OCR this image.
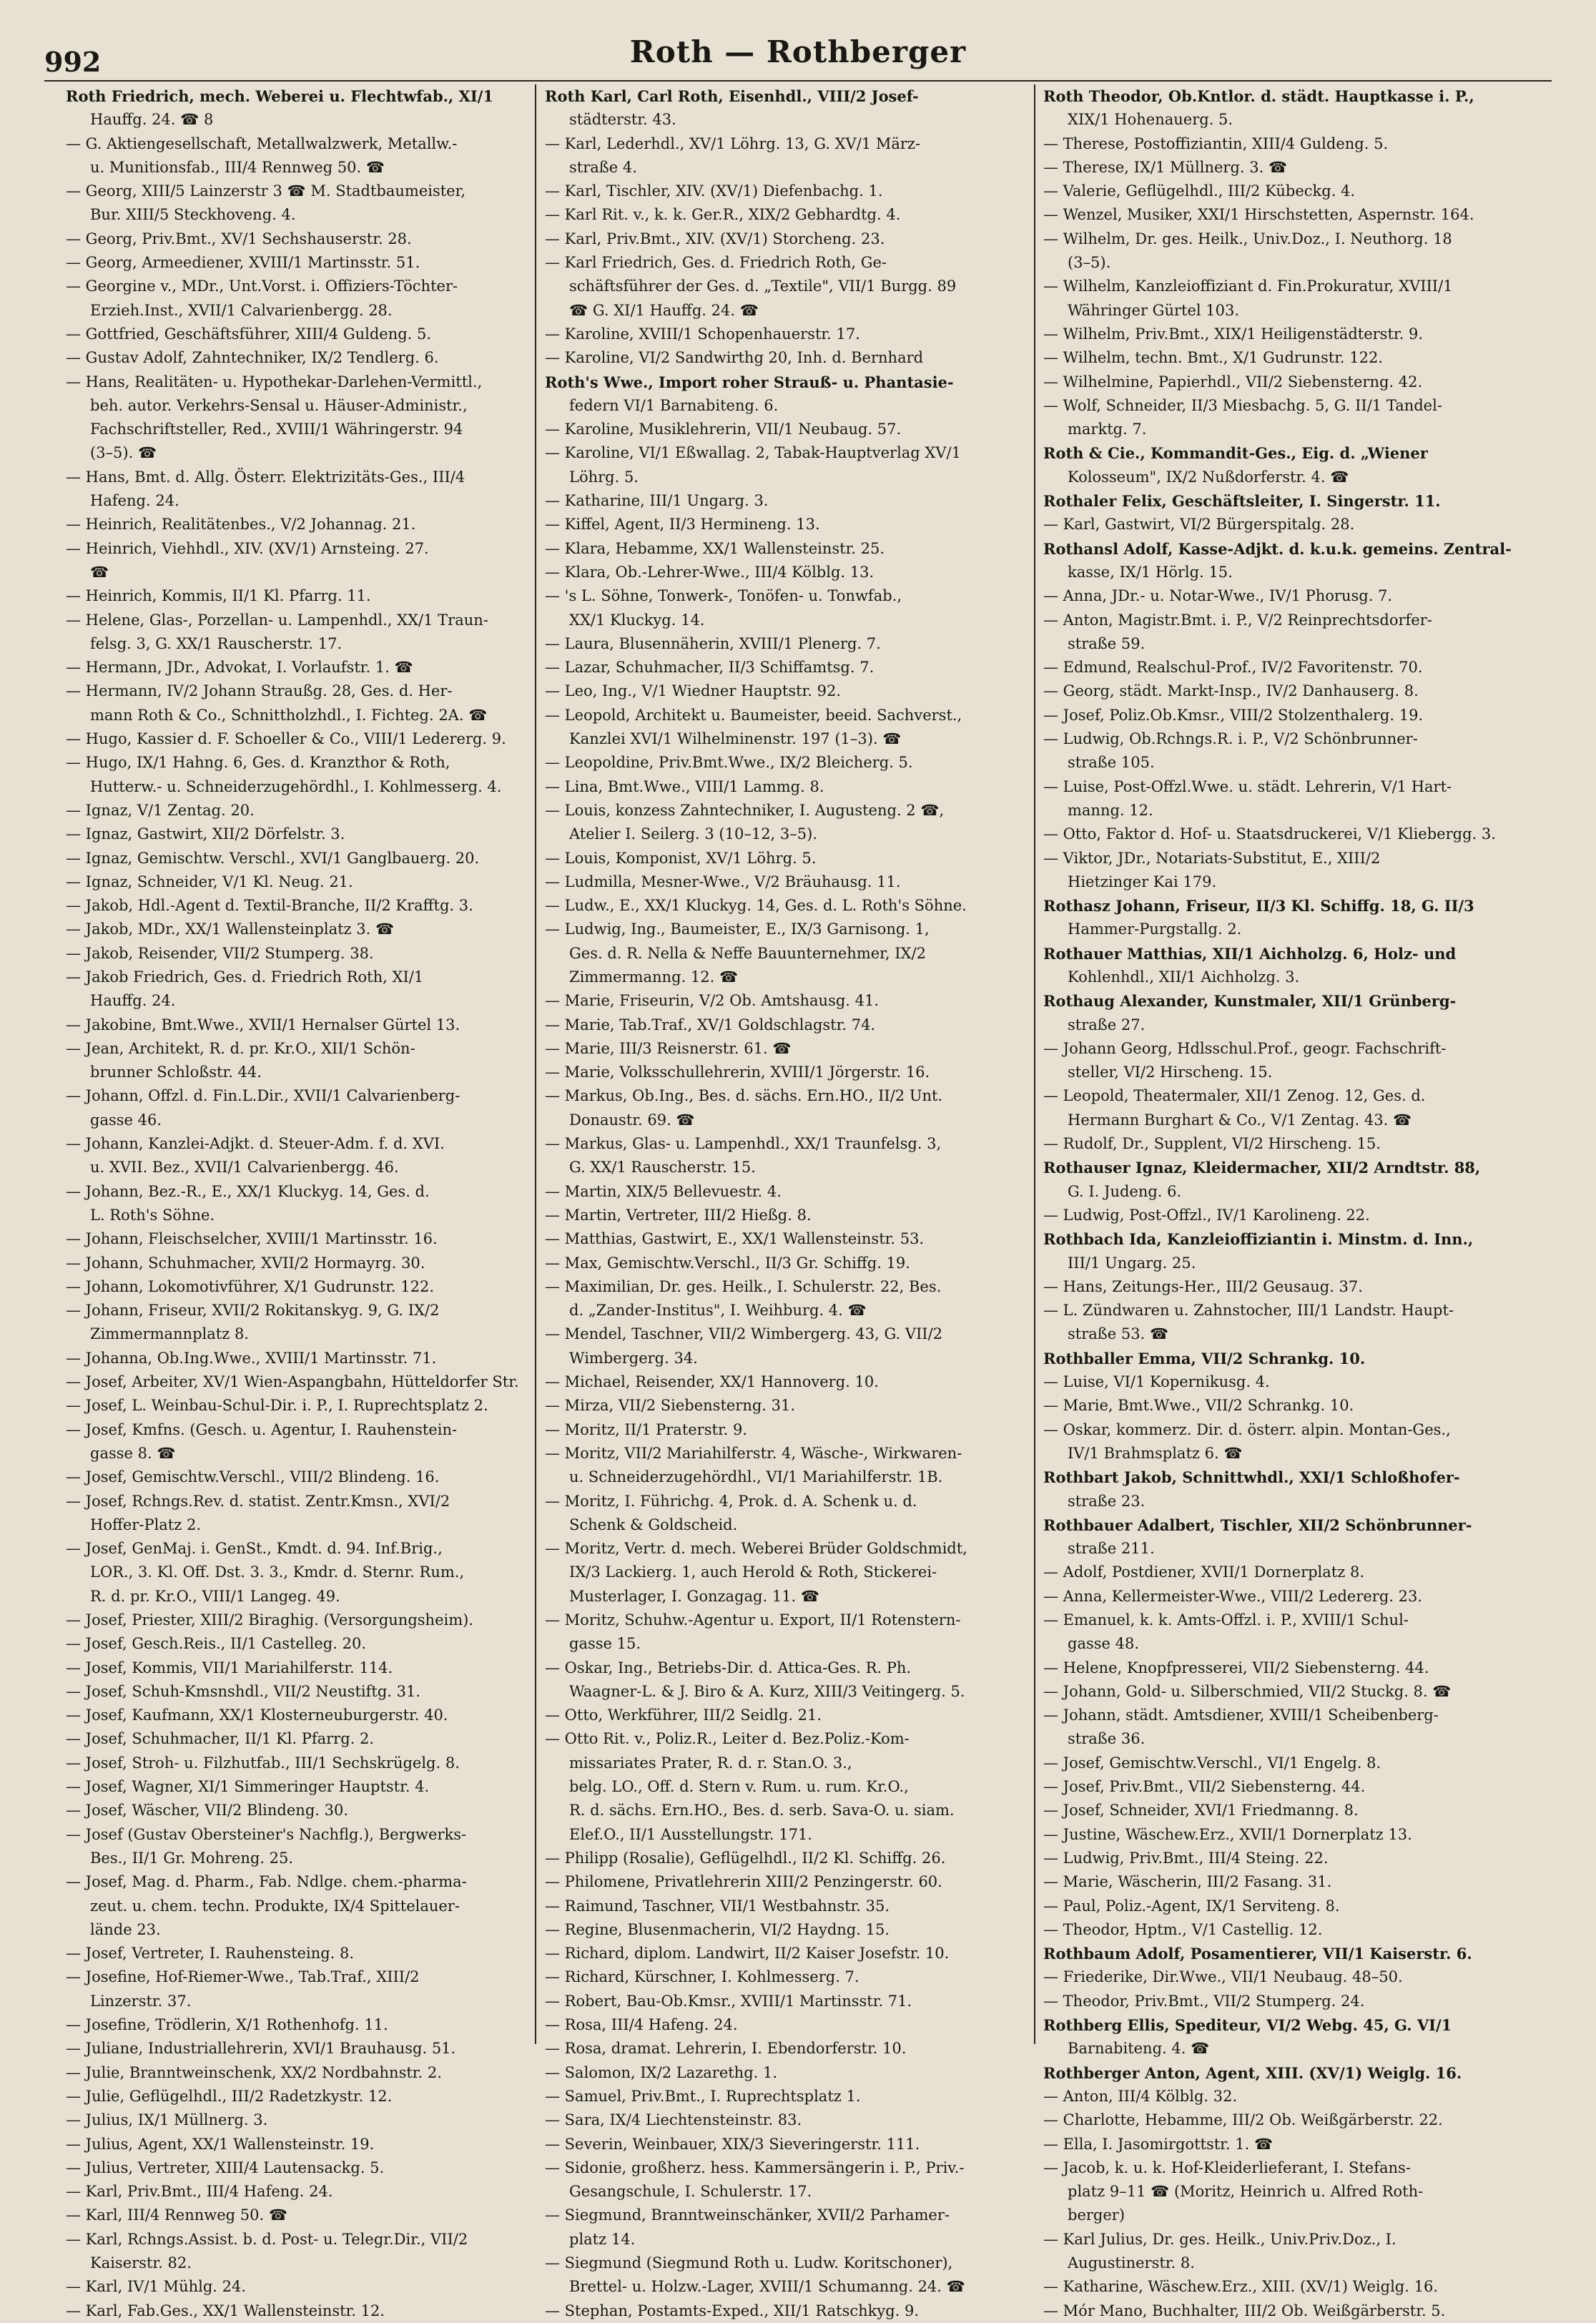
992	Roth — Rothberger
Roth Friedrich, mech. Weberei u. Flechtwfab., XI/1
Hauffg. 24. ☎ 8
— G. Aktiengesellschaft, Metallwalzwerk, Metallw.-
u. Munitionsfab., III/4 Rennweg 50. ☎
— Georg, XIII/5 Lainzerstr 3 ☎ M. Stadtbaumeister,
Bur. XIII/5 Steckhoveng. 4.
— Georg, Priv.Bmt., XV/1 Sechshauserstr. 28.
— Georg, Armeediener, XVIII/1 Martinsstr. 51.
— Georgine v., MDr., Unt.Vorst. i. Offiziers-Töchter-
Erzieh.Inst., XVII/1 Calvarienbergg. 28.
— Gottfried, Geschäftsführer, XIII/4 Guldeng. 5.
— Gustav Adolf, Zahntechniker, IX/2 Tendlerg. 6.
— Hans, Realitäten- u. Hypothekar-Darlehen-Vermittl.,
beh. autor. Verkehrs-Sensal u. Häuser-Administr.,
Fachschriftsteller, Red., XVIII/1 Währingerstr. 94
(3–5). ☎
— Hans, Bmt. d. Allg. Österr. Elektrizitäts-Ges., III/4
Hafeng. 24.
— Heinrich, Realitätenbes., V/2 Johannag. 21.
— Heinrich, Viehhdl., XIV. (XV/1) Arnsteing. 27.
☎
— Heinrich, Kommis, II/1 Kl. Pfarrg. 11.
— Helene, Glas-, Porzellan- u. Lampenhdl., XX/1 Traun-
felsg. 3, G. XX/1 Rauscherstr. 17.
— Hermann, JDr., Advokat, I. Vorlaufstr. 1. ☎
— Hermann, IV/2 Johann Straußg. 28, Ges. d. Her-
mann Roth & Co., Schnittholzhdl., I. Fichteg. 2A. ☎
— Hugo, Kassier d. F. Schoeller & Co., VIII/1 Ledererg. 9.
— Hugo, IX/1 Hahng. 6, Ges. d. Kranzthor & Roth,
Hutterw.- u. Schneiderzugehördhl., I. Kohlmesserg. 4.
— Ignaz, V/1 Zentag. 20.
— Ignaz, Gastwirt, XII/2 Dörfelstr. 3.
— Ignaz, Gemischtw. Verschl., XVI/1 Ganglbauerg. 20.
— Ignaz, Schneider, V/1 Kl. Neug. 21.
— Jakob, Hdl.-Agent d. Textil-Branche, II/2 Krafftg. 3.
— Jakob, MDr., XX/1 Wallensteinplatz 3. ☎
— Jakob, Reisender, VII/2 Stumperg. 38.
— Jakob Friedrich, Ges. d. Friedrich Roth, XI/1
Hauffg. 24.
— Jakobine, Bmt.Wwe., XVII/1 Hernalser Gürtel 13.
— Jean, Architekt, R. d. pr. Kr.O., XII/1 Schön-
brunner Schloßstr. 44.
— Johann, Offzl. d. Fin.L.Dir., XVII/1 Calvarienberg-
gasse 46.
— Johann, Kanzlei-Adjkt. d. Steuer-Adm. f. d. XVI.
u. XVII. Bez., XVII/1 Calvarienbergg. 46.
— Johann, Bez.-R., E., XX/1 Kluckyg. 14, Ges. d.
L. Roth's Söhne.
— Johann, Fleischselcher, XVIII/1 Martinsstr. 16.
— Johann, Schuhmacher, XVII/2 Hormayrg. 30.
— Johann, Lokomotivführer, X/1 Gudrunstr. 122.
— Johann, Friseur, XVII/2 Rokitanskyg. 9, G. IX/2
Zimmermannplatz 8.
— Johanna, Ob.Ing.Wwe., XVIII/1 Martinsstr. 71.
— Josef, Arbeiter, XV/1 Wien-Aspangbahn, Hütteldorfer Str.
— Josef, L. Weinbau-Schul-Dir. i. P., I. Ruprechtsplatz 2.
— Josef, Kmfns. (Gesch. u. Agentur, I. Rauhenstein-
gasse 8. ☎
— Josef, Gemischtw.Verschl., VIII/2 Blindeng. 16.
— Josef, Rchngs.Rev. d. statist. Zentr.Kmsn., XVI/2
Hoffer-Platz 2.
— Josef, GenMaj. i. GenSt., Kmdt. d. 94. Inf.Brig.,
LOR., 3. Kl. Off. Dst. 3. 3., Kmdr. d. Sternr. Rum.,
R. d. pr. Kr.O., VIII/1 Langeg. 49.
— Josef, Priester, XIII/2 Biraghig. (Versorgungsheim).
— Josef, Gesch.Reis., II/1 Castelleg. 20.
— Josef, Kommis, VII/1 Mariahilferstr. 114.
— Josef, Schuh-Kmsnshdl., VII/2 Neustiftg. 31.
— Josef, Kaufmann, XX/1 Klosterneuburgerstr. 40.
— Josef, Schuhmacher, II/1 Kl. Pfarrg. 2.
— Josef, Stroh- u. Filzhutfab., III/1 Sechskrügelg. 8.
— Josef, Wagner, XI/1 Simmeringer Hauptstr. 4.
— Josef, Wäscher, VII/2 Blindeng. 30.
— Josef (Gustav Obersteiner's Nachflg.), Bergwerks-
Bes., II/1 Gr. Mohreng. 25.
— Josef, Mag. d. Pharm., Fab. Ndlge. chem.-pharma-
zeut. u. chem. techn. Produkte, IX/4 Spittelauer-
lände 23.
— Josef, Vertreter, I. Rauhensteing. 8.
— Josefine, Hof-Riemer-Wwe., Tab.Traf., XIII/2
Linzerstr. 37.
— Josefine, Trödlerin, X/1 Rothenhofg. 11.
— Juliane, Industriallehrerin, XVI/1 Brauhausg. 51.
— Julie, Branntweinschenk, XX/2 Nordbahnstr. 2.
— Julie, Geflügelhdl., III/2 Radetzkystr. 12.
— Julius, IX/1 Müllnerg. 3.
— Julius, Agent, XX/1 Wallensteinstr. 19.
— Julius, Vertreter, XIII/4 Lautensackg. 5.
— Karl, Priv.Bmt., III/4 Hafeng. 24.
— Karl, III/4 Rennweg 50. ☎
— Karl, Rchngs.Assist. b. d. Post- u. Telegr.Dir., VII/2
Kaiserstr. 82.
— Karl, IV/1 Mühlg. 24.
— Karl, Fab.Ges., XX/1 Wallensteinstr. 12.
Roth Karl, Carl Roth, Eisenhdl., VIII/2 Josef-
städterstr. 43.
— Karl, Lederhdl., XV/1 Löhrg. 13, G. XV/1 März-
straße 4.
— Karl, Tischler, XIV. (XV/1) Diefenbachg. 1.
— Karl Rit. v., k. k. Ger.R., XIX/2 Gebhardtg. 4.
— Karl, Priv.Bmt., XIV. (XV/1) Storcheng. 23.
— Karl Friedrich, Ges. d. Friedrich Roth, Ge-
schäftsführer der Ges. d. „Textile", VII/1 Burgg. 89
☎ G. XI/1 Hauffg. 24. ☎
— Karoline, XVIII/1 Schopenhauerstr. 17.
— Karoline, VI/2 Sandwirthg 20, Inh. d. Bernhard
Roth's Wwe., Import roher Strauß- u. Phantasie-
federn VI/1 Barnabiteng. 6.
— Karoline, Musiklehrerin, VII/1 Neubaug. 57.
— Karoline, VI/1 Eßwallag. 2, Tabak-Hauptverlag XV/1
Löhrg. 5.
— Katharine, III/1 Ungarg. 3.
— Kiffel, Agent, II/3 Hermineng. 13.
— Klara, Hebamme, XX/1 Wallensteinstr. 25.
— Klara, Ob.-Lehrer-Wwe., III/4 Kölblg. 13.
— 's L. Söhne, Tonwerk-, Tonöfen- u. Tonwfab.,
XX/1 Kluckyg. 14.
— Laura, Blusennäherin, XVIII/1 Plenerg. 7.
— Lazar, Schuhmacher, II/3 Schiffamtsg. 7.
— Leo, Ing., V/1 Wiedner Hauptstr. 92.
— Leopold, Architekt u. Baumeister, beeid. Sachverst.,
Kanzlei XVI/1 Wilhelminenstr. 197 (1–3). ☎
— Leopoldine, Priv.Bmt.Wwe., IX/2 Bleicherg. 5.
— Lina, Bmt.Wwe., VIII/1 Lammg. 8.
— Louis, konzess Zahntechniker, I. Augusteng. 2 ☎,
Atelier I. Seilerg. 3 (10–12, 3–5).
— Louis, Komponist, XV/1 Löhrg. 5.
— Ludmilla, Mesner-Wwe., V/2 Bräuhausg. 11.
— Ludw., E., XX/1 Kluckyg. 14, Ges. d. L. Roth's Söhne.
— Ludwig, Ing., Baumeister, E., IX/3 Garnisong. 1,
Ges. d. R. Nella & Neffe Bauunternehmer, IX/2
Zimmermanng. 12. ☎
— Marie, Friseurin, V/2 Ob. Amtshausg. 41.
— Marie, Tab.Traf., XV/1 Goldschlagstr. 74.
— Marie, III/3 Reisnerstr. 61. ☎
— Marie, Volksschullehrerin, XVIII/1 Jörgerstr. 16.
— Markus, Ob.Ing., Bes. d. sächs. Ern.HO., II/2 Unt.
Donaustr. 69. ☎
— Markus, Glas- u. Lampenhdl., XX/1 Traunfelsg. 3,
G. XX/1 Rauscherstr. 15.
— Martin, XIX/5 Bellevuestr. 4.
— Martin, Vertreter, III/2 Hießg. 8.
— Matthias, Gastwirt, E., XX/1 Wallensteinstr. 53.
— Max, Gemischtw.Verschl., II/3 Gr. Schiffg. 19.
— Maximilian, Dr. ges. Heilk., I. Schulerstr. 22, Bes.
d. „Zander-Institus", I. Weihburg. 4. ☎
— Mendel, Taschner, VII/2 Wimbergerg. 43, G. VII/2
Wimbergerg. 34.
— Michael, Reisender, XX/1 Hannoverg. 10.
— Mirza, VII/2 Siebensterng. 31.
— Moritz, II/1 Praterstr. 9.
— Moritz, VII/2 Mariahilferstr. 4, Wäsche-, Wirkwaren-
u. Schneiderzugehördhl., VI/1 Mariahilferstr. 1B.
— Moritz, I. Führichg. 4, Prok. d. A. Schenk u. d.
Schenk & Goldscheid.
— Moritz, Vertr. d. mech. Weberei Brüder Goldschmidt,
IX/3 Lackierg. 1, auch Herold & Roth, Stickerei-
Musterlager, I. Gonzagag. 11. ☎
— Moritz, Schuhw.-Agentur u. Export, II/1 Rotenstern-
gasse 15.
— Oskar, Ing., Betriebs-Dir. d. Attica-Ges. R. Ph.
Waagner-L. & J. Biro & A. Kurz, XIII/3 Veitingerg. 5.
— Otto, Werkführer, III/2 Seidlg. 21.
— Otto Rit. v., Poliz.R., Leiter d. Bez.Poliz.-Kom-
missariates Prater, R. d. r. Stan.O. 3.,
belg. LO., Off. d. Stern v. Rum. u. rum. Kr.O.,
R. d. sächs. Ern.HO., Bes. d. serb. Sava-O. u. siam.
Elef.O., II/1 Ausstellungstr. 171.
— Philipp (Rosalie), Geflügelhdl., II/2 Kl. Schiffg. 26.
— Philomene, Privatlehrerin XIII/2 Penzingerstr. 60.
— Raimund, Taschner, VII/1 Westbahnstr. 35.
— Regine, Blusenmacherin, VI/2 Haydng. 15.
— Richard, diplom. Landwirt, II/2 Kaiser Josefstr. 10.
— Richard, Kürschner, I. Kohlmesserg. 7.
— Robert, Bau-Ob.Kmsr., XVIII/1 Martinsstr. 71.
— Rosa, III/4 Hafeng. 24.
— Rosa, dramat. Lehrerin, I. Ebendorferstr. 10.
— Salomon, IX/2 Lazarethg. 1.
— Samuel, Priv.Bmt., I. Ruprechtsplatz 1.
— Sara, IX/4 Liechtensteinstr. 83.
— Severin, Weinbauer, XIX/3 Sieveringerstr. 111.
— Sidonie, großherz. hess. Kammersängerin i. P., Priv.-
Gesangschule, I. Schulerstr. 17.
— Siegmund, Branntweinschänker, XVII/2 Parhamer-
platz 14.
— Siegmund (Siegmund Roth u. Ludw. Koritschoner),
Brettel- u. Holzw.-Lager, XVIII/1 Schumanng. 24. ☎
— Stephan, Postamts-Exped., XII/1 Ratschkyg. 9.
Roth Theodor, Ob.Kntlor. d. städt. Hauptkasse i. P.,
XIX/1 Hohenauerg. 5.
— Therese, Postoffiziantin, XIII/4 Guldeng. 5.
— Therese, IX/1 Müllnerg. 3. ☎
— Valerie, Geflügelhdl., III/2 Kübeckg. 4.
— Wenzel, Musiker, XXI/1 Hirschstetten, Aspernstr. 164.
— Wilhelm, Dr. ges. Heilk., Univ.Doz., I. Neuthorg. 18
(3–5).
— Wilhelm, Kanzleioffiziant d. Fin.Prokuratur, XVIII/1
Währinger Gürtel 103.
— Wilhelm, Priv.Bmt., XIX/1 Heiligenstädterstr. 9.
— Wilhelm, techn. Bmt., X/1 Gudrunstr. 122.
— Wilhelmine, Papierhdl., VII/2 Siebensterng. 42.
— Wolf, Schneider, II/3 Miesbachg. 5, G. II/1 Tandel-
marktg. 7.
Roth & Cie., Kommandit-Ges., Eig. d. „Wiener
Kolosseum", IX/2 Nußdorferstr. 4. ☎
Rothaler Felix, Geschäftsleiter, I. Singerstr. 11.
— Karl, Gastwirt, VI/2 Bürgerspitalg. 28.
Rothansl Adolf, Kasse-Adjkt. d. k.u.k. gemeins. Zentral-
kasse, IX/1 Hörlg. 15.
— Anna, JDr.- u. Notar-Wwe., IV/1 Phorusg. 7.
— Anton, Magistr.Bmt. i. P., V/2 Reinprechtsdorfer-
straße 59.
— Edmund, Realschul-Prof., IV/2 Favoritenstr. 70.
— Georg, städt. Markt-Insp., IV/2 Danhauserg. 8.
— Josef, Poliz.Ob.Kmsr., VIII/2 Stolzenthalerg. 19.
— Ludwig, Ob.Rchngs.R. i. P., V/2 Schönbrunner-
straße 105.
— Luise, Post-Offzl.Wwe. u. städt. Lehrerin, V/1 Hart-
manng. 12.
— Otto, Faktor d. Hof- u. Staatsdruckerei, V/1 Kliebergg. 3.
— Viktor, JDr., Notariats-Substitut, E., XIII/2
Hietzinger Kai 179.
Rothasz Johann, Friseur, II/3 Kl. Schiffg. 18, G. II/3
Hammer-Purgstallg. 2.
Rothauer Matthias, XII/1 Aichholzg. 6, Holz- und
Kohlenhdl., XII/1 Aichholzg. 3.
Rothaug Alexander, Kunstmaler, XII/1 Grünberg-
straße 27.
— Johann Georg, Hdlsschul.Prof., geogr. Fachschrift-
steller, VI/2 Hirscheng. 15.
— Leopold, Theatermaler, XII/1 Zenog. 12, Ges. d.
Hermann Burghart & Co., V/1 Zentag. 43. ☎
— Rudolf, Dr., Supplent, VI/2 Hirscheng. 15.
Rothauser Ignaz, Kleidermacher, XII/2 Arndtstr. 88,
G. I. Judeng. 6.
— Ludwig, Post-Offzl., IV/1 Karolineng. 22.
Rothbach Ida, Kanzleioffiziantin i. Minstm. d. Inn.,
III/1 Ungarg. 25.
— Hans, Zeitungs-Her., III/2 Geusaug. 37.
— L. Zündwaren u. Zahnstocher, III/1 Landstr. Haupt-
straße 53. ☎
Rothballer Emma, VII/2 Schrankg. 10.
— Luise, VI/1 Kopernikusg. 4.
— Marie, Bmt.Wwe., VII/2 Schrankg. 10.
— Oskar, kommerz. Dir. d. österr. alpin. Montan-Ges.,
IV/1 Brahmsplatz 6. ☎
Rothbart Jakob, Schnittwhdl., XXI/1 Schloßhofer-
straße 23.
Rothbauer Adalbert, Tischler, XII/2 Schönbrunner-
straße 211.
— Adolf, Postdiener, XVII/1 Dornerplatz 8.
— Anna, Kellermeister-Wwe., VIII/2 Ledererg. 23.
— Emanuel, k. k. Amts-Offzl. i. P., XVIII/1 Schul-
gasse 48.
— Helene, Knopfpresserei, VII/2 Siebensterng. 44.
— Johann, Gold- u. Silberschmied, VII/2 Stuckg. 8. ☎
— Johann, städt. Amtsdiener, XVIII/1 Scheibenberg-
straße 36.
— Josef, Gemischtw.Verschl., VI/1 Engelg. 8.
— Josef, Priv.Bmt., VII/2 Siebensterng. 44.
— Josef, Schneider, XVI/1 Friedmanng. 8.
— Justine, Wäschew.Erz., XVII/1 Dornerplatz 13.
— Ludwig, Priv.Bmt., III/4 Steing. 22.
— Marie, Wäscherin, III/2 Fasang. 31.
— Paul, Poliz.-Agent, IX/1 Serviteng. 8.
— Theodor, Hptm., V/1 Castellig. 12.
Rothbaum Adolf, Posamentierer, VII/1 Kaiserstr. 6.
— Friederike, Dir.Wwe., VII/1 Neubaug. 48–50.
— Theodor, Priv.Bmt., VII/2 Stumperg. 24.
Rothberg Ellis, Spediteur, VI/2 Webg. 45, G. VI/1
Barnabiteng. 4. ☎
Rothberger Anton, Agent, XIII. (XV/1) Weiglg. 16.
— Anton, III/4 Kölblg. 32.
— Charlotte, Hebamme, III/2 Ob. Weißgärberstr. 22.
— Ella, I. Jasomirgottstr. 1. ☎
— Jacob, k. u. k. Hof-Kleiderlieferant, I. Stefans-
platz 9–11 ☎ (Moritz, Heinrich u. Alfred Roth-
berger)
— Karl Julius, Dr. ges. Heilk., Univ.Priv.Doz., I.
Augustinerstr. 8.
— Katharine, Wäschew.Erz., XIII. (XV/1) Weiglg. 16.
— Mór Mano, Buchhalter, III/2 Ob. Weißgärberstr. 5.
